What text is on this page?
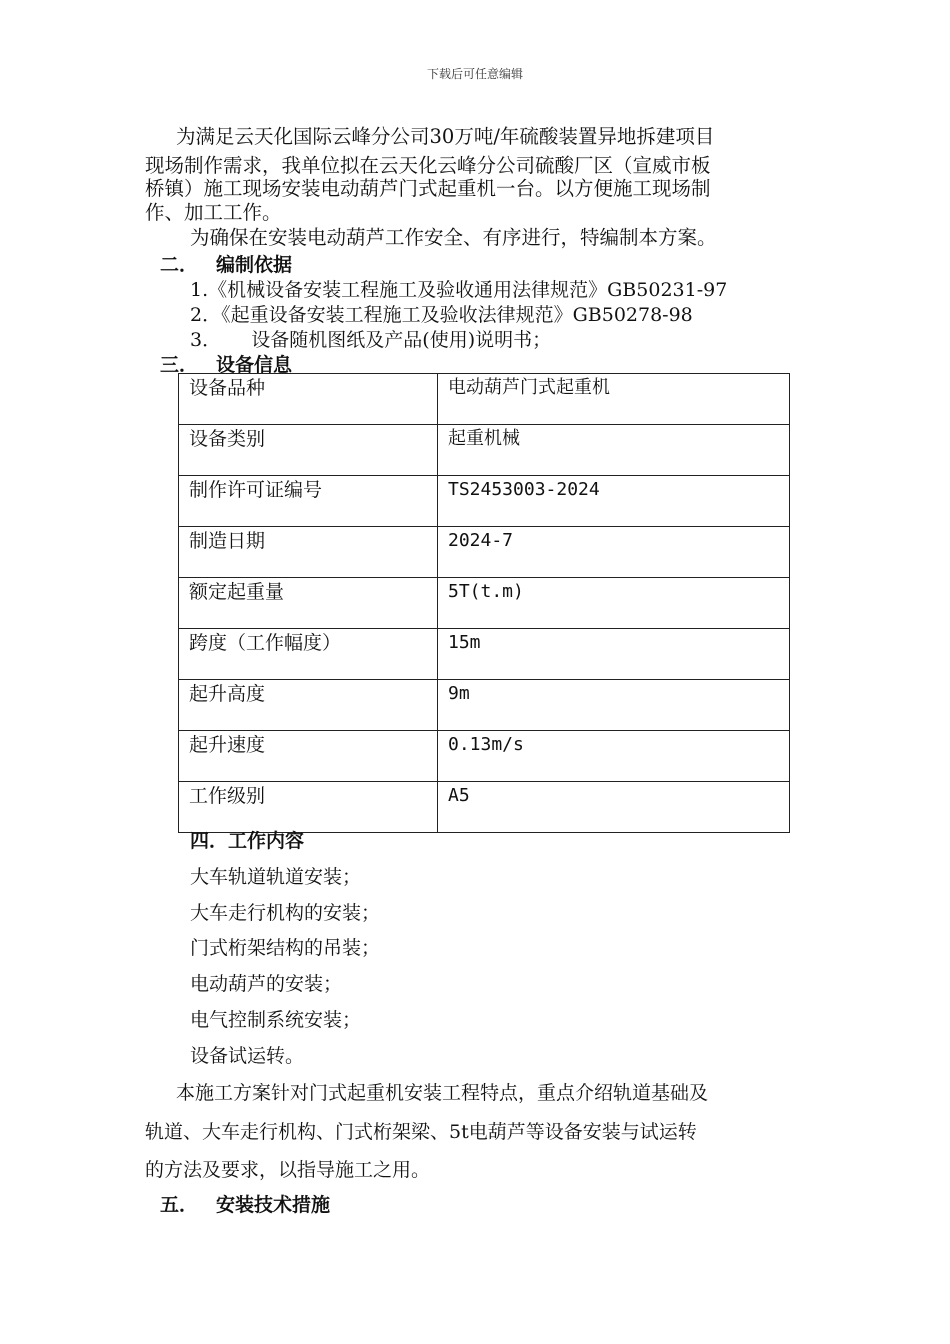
下载后可任意编辑
为满足云天化国际云峰分公司30万吨/年硫酸装置异地拆建项目
现场制作需求，我单位拟在云天化云峰分公司硫酸厂区（宣威市板
桥镇）施工现场安装电动葫芦门式起重机一台。以方便施工现场制
作、加工工作。
为确保在安装电动葫芦工作安全、有序进行，特编制本方案。
二． 编制依据
1.《机械设备安装工程施工及验收通用法律规范》GB50231-97
2．《起重设备安装工程施工及验收法律规范》GB50278-98
3．     设备随机图纸及产品(使用)说明书；
三． 设备信息
设备品种	电动葫芦门式起重机
设备类别	起重机械
制作许可证编号	TS2453003-2024
制造日期	2024-7
额定起重量	5T(t.m)
跨度（工作幅度）	15m
起升高度	9m
起升速度	0.13m/s
工作级别	A5
四．工作内容
大车轨道轨道安装；
大车走行机构的安装；
门式桁架结构的吊装；
电动葫芦的安装；
电气控制系统安装；
设备试运转。
本施工方案针对门式起重机安装工程特点，重点介绍轨道基础及
轨道、大车走行机构、门式桁架梁、5t电葫芦等设备安装与试运转
的方法及要求，以指导施工之用。
五． 安装技术措施
